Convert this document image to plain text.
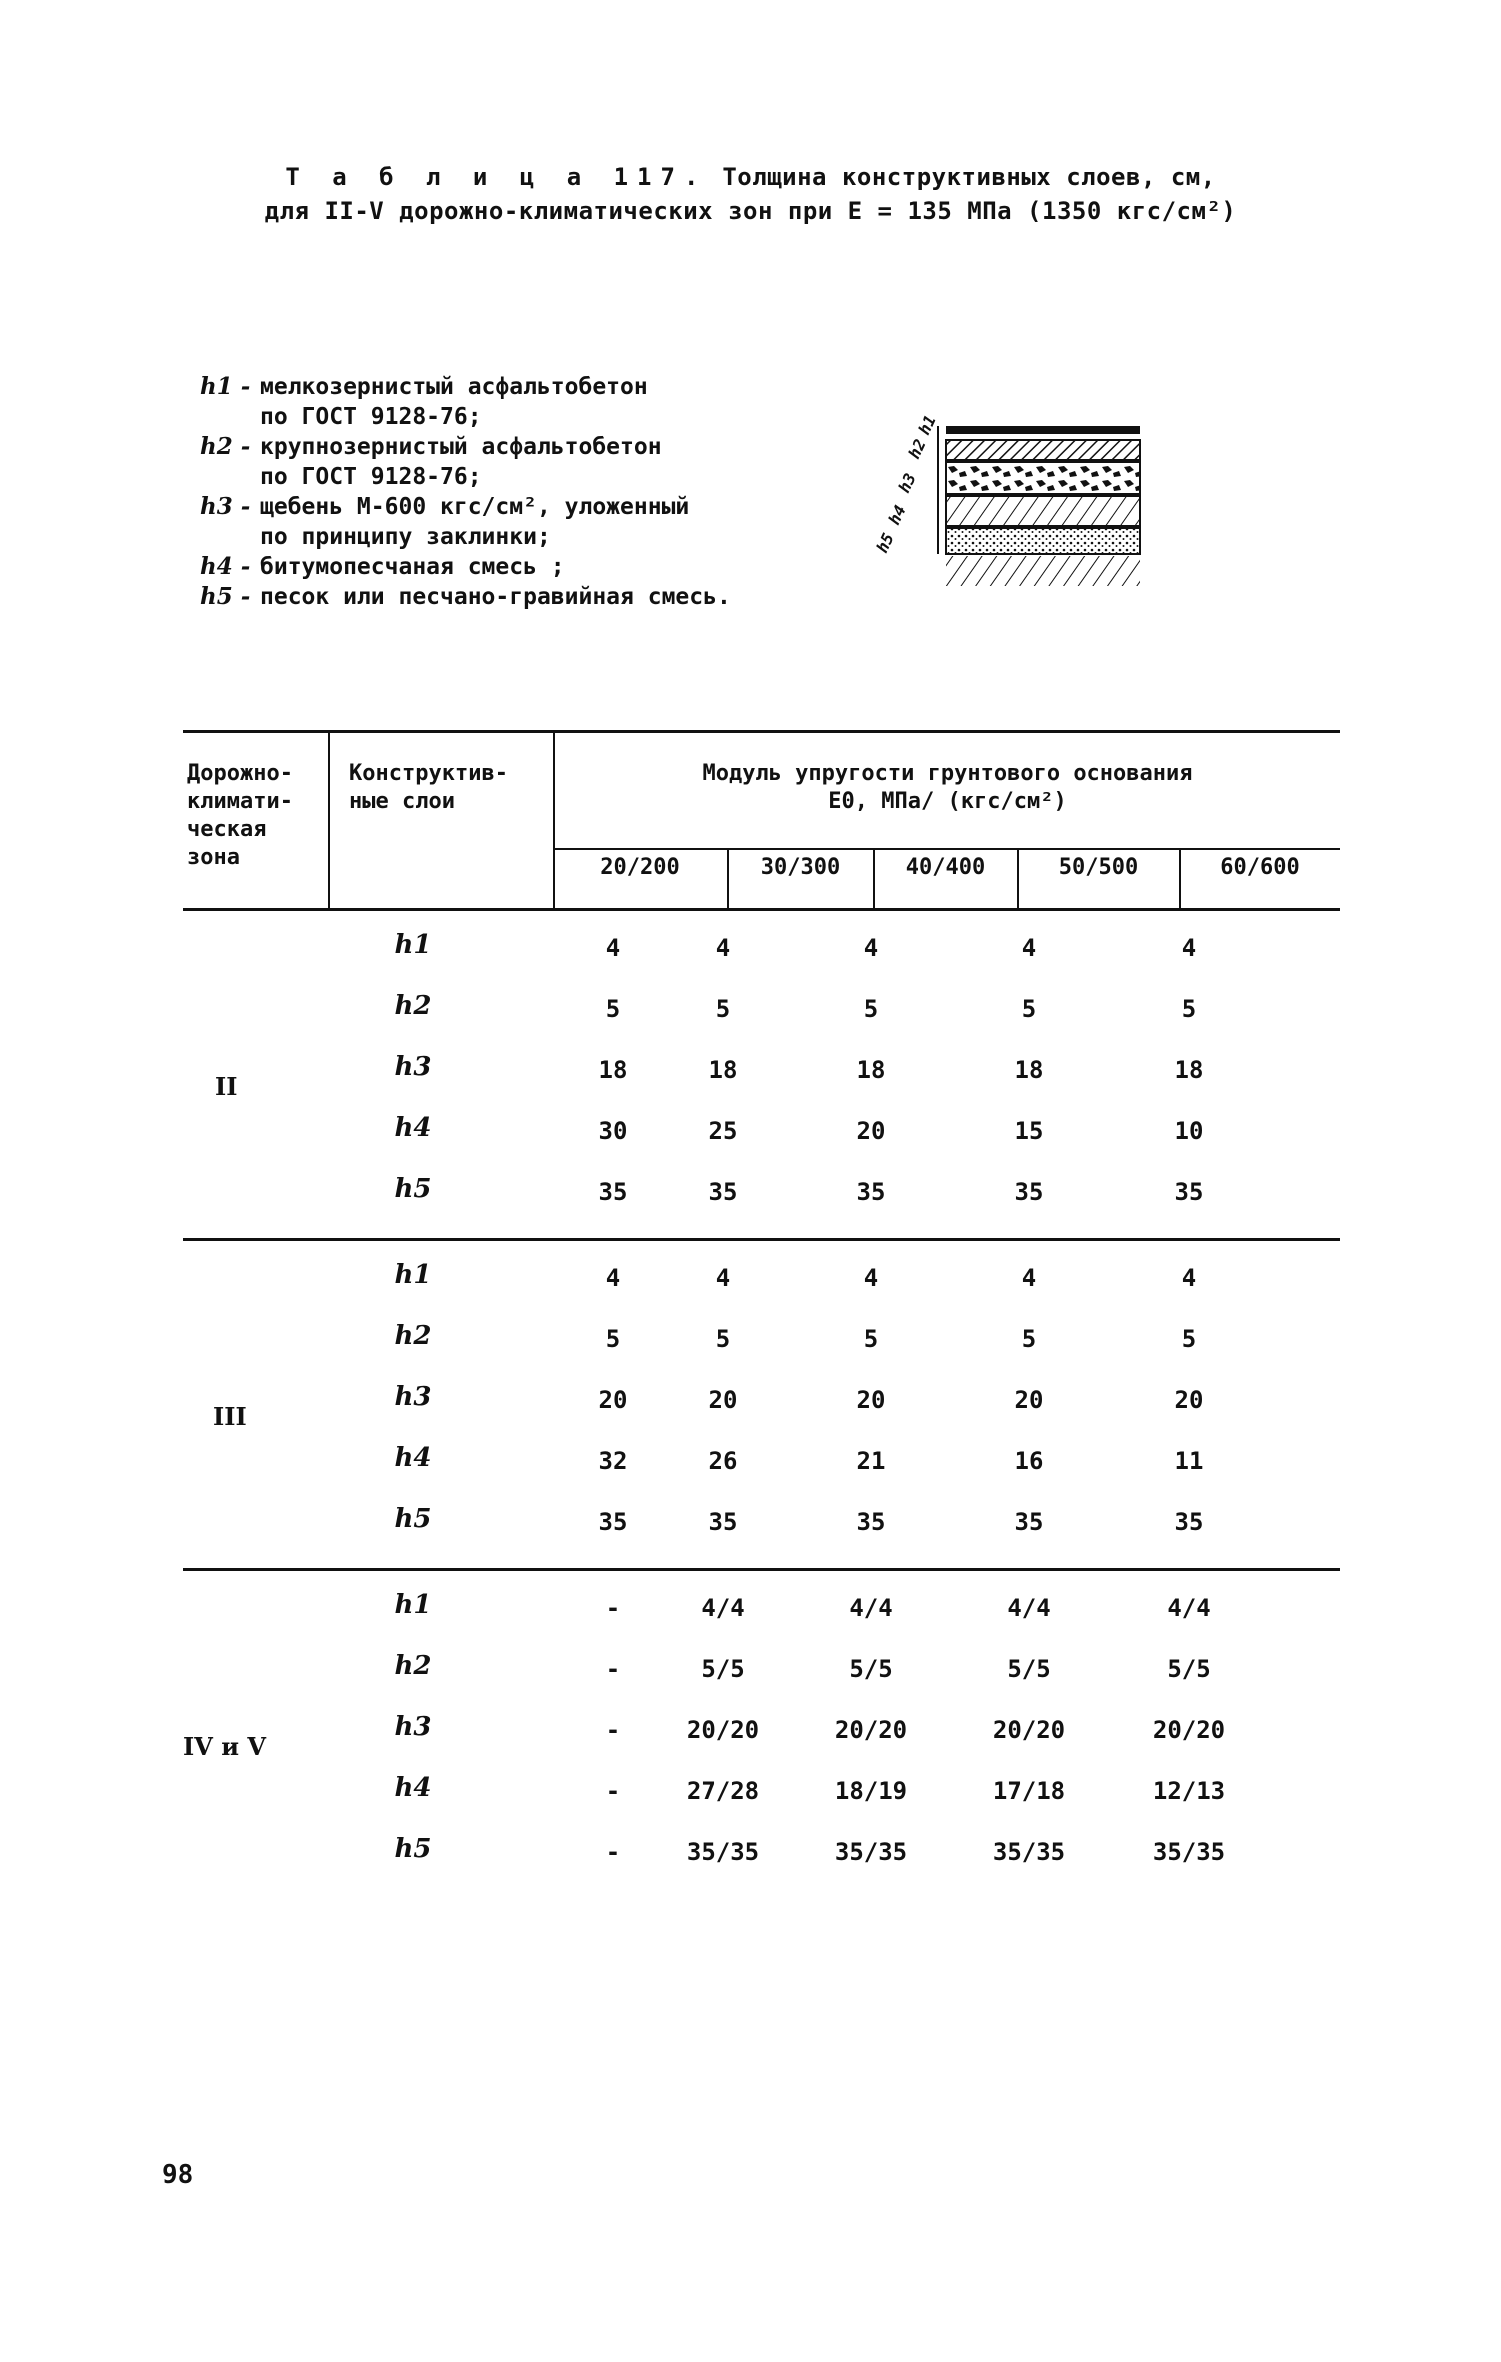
Т а б л и ц а 117. Толщина конструктивных слоев, см,
для II-V дорожно-климатических зон при E = 135 МПа (1350 кгс/см²)
h1 - мелкозернистый асфальтобетон
по ГОСТ 9128-76;
h2 - крупнозернистый асфальтобетон
по ГОСТ 9128-76;
h3 - щебень М-600 кгс/см², уложенный
по принципу заклинки;
h4 - битумопесчаная смесь ;
h5 - песок или песчано-гравийная смесь.
h5
h4
h3
h2
h1
Дорожно-
климати-
ческая
зона
Конструктив-
ные слои
Модуль упругости грунтового основания
E0, МПа/ (кгс/см²)
20/200	30/300	40/400	50/500	60/600
II
h1	4	4	4	4	4
h2	5	5	5	5	5
h3	18	18	18	18	18
h4	30	25	20	15	10
h5	35	35	35	35	35
III
h1	4	4	4	4	4
h2	5	5	5	5	5
h3	20	20	20	20	20
h4	32	26	21	16	11
h5	35	35	35	35	35
IV и V
h1	-	4/4	4/4	4/4	4/4
h2	-	5/5	5/5	5/5	5/5
h3	-	20/20	20/20	20/20	20/20
h4	-	27/28	18/19	17/18	12/13
h5	-	35/35	35/35	35/35	35/35
98
